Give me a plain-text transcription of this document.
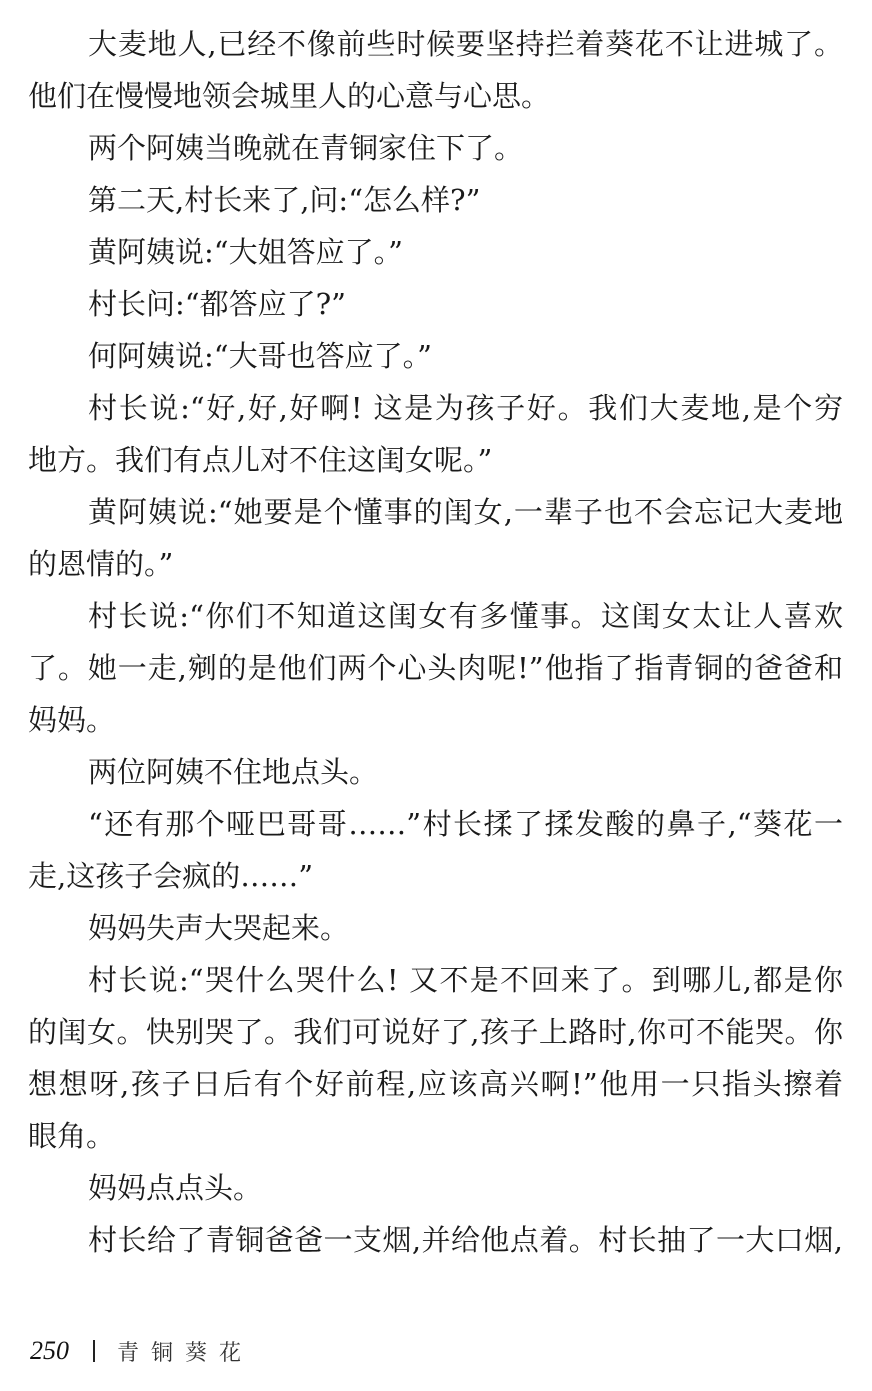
大麦地人,已经不像前些时候要坚持拦着葵花不让进城了。
他们在慢慢地领会城里人的心意与心思。
两个阿姨当晚就在青铜家住下了。
第二天,村长来了,问:“怎么样?”
黄阿姨说:“大姐答应了。”
村长问:“都答应了?”
何阿姨说:“大哥也答应了。”
村长说:“好,好,好啊! 这是为孩子好。我们大麦地,是个穷
地方。我们有点儿对不住这闺女呢。”
黄阿姨说:“她要是个懂事的闺女,一辈子也不会忘记大麦地
的恩情的。”
村长说:“你们不知道这闺女有多懂事。这闺女太让人喜欢
了。她一走,剜的是他们两个心头肉呢!”他指了指青铜的爸爸和
妈妈。
两位阿姨不住地点头。
“还有那个哑巴哥哥……”村长揉了揉发酸的鼻子,“葵花一
走,这孩子会疯的……”
妈妈失声大哭起来。
村长说:“哭什么哭什么! 又不是不回来了。到哪儿,都是你
的闺女。快别哭了。我们可说好了,孩子上路时,你可不能哭。你
想想呀,孩子日后有个好前程,应该高兴啊!”他用一只指头擦着
眼角。
妈妈点点头。
村长给了青铜爸爸一支烟,并给他点着。村长抽了一大口烟,
250 青铜葵花
